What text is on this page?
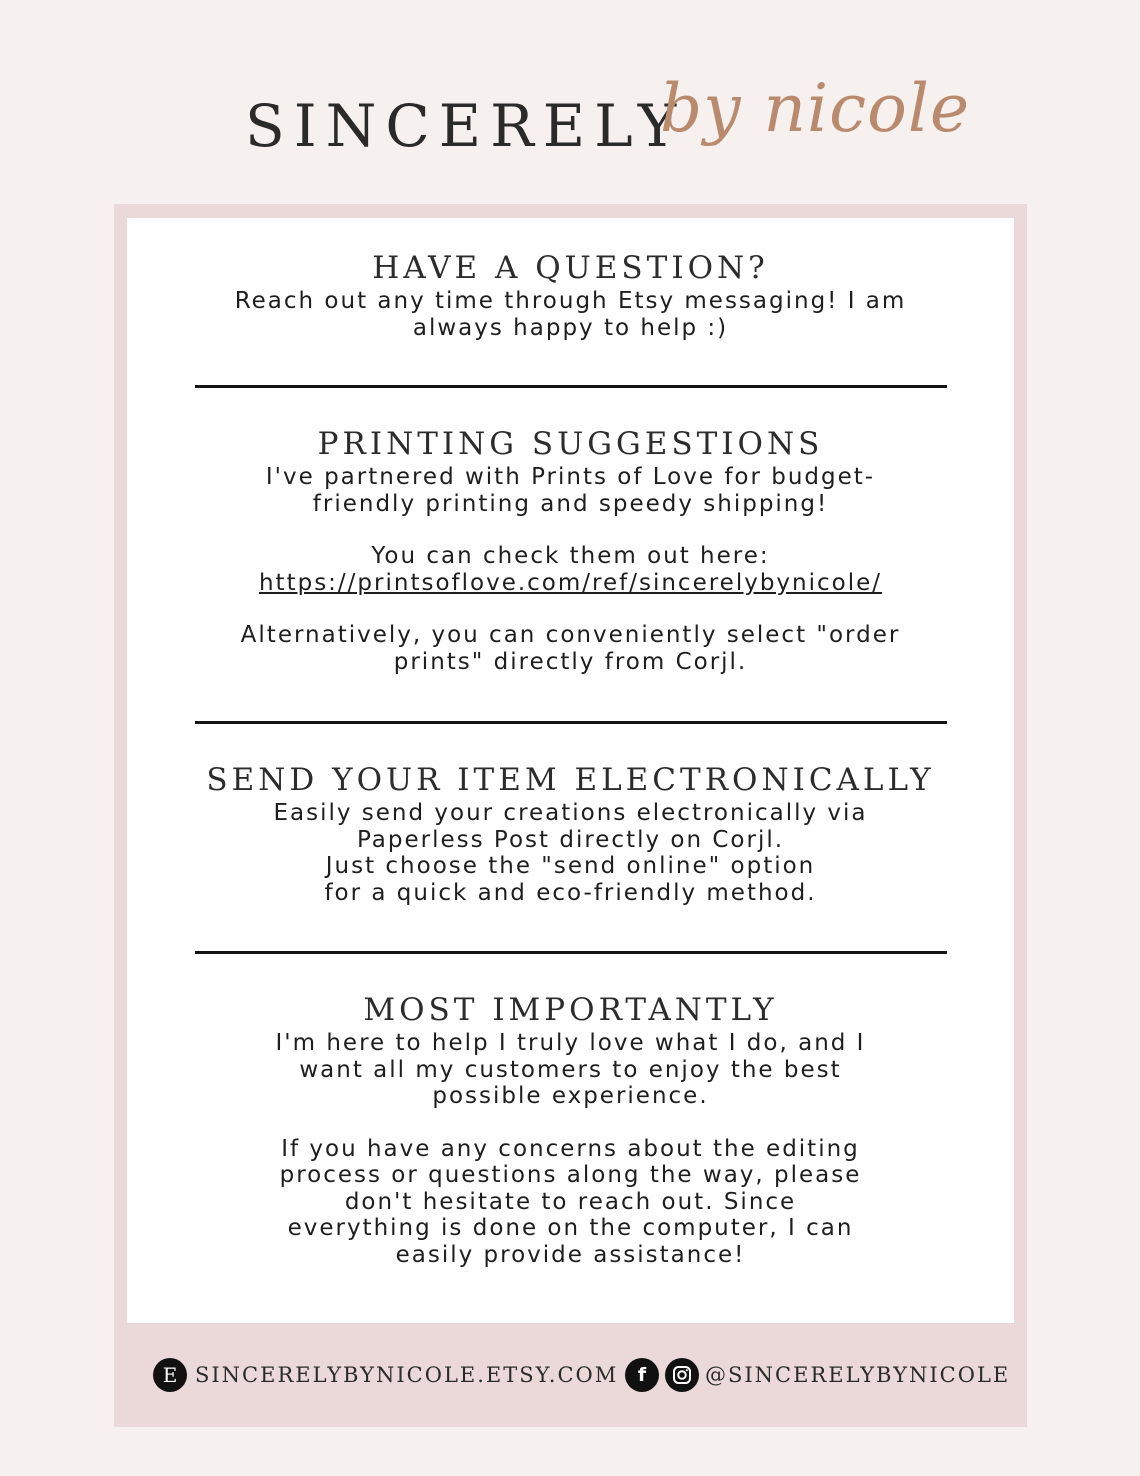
SINCERELY
by nicole
HAVE A QUESTION?
Reach out any time through Etsy messaging! I am
always happy to help :)
PRINTING SUGGESTIONS
I've partnered with Prints of Love for budget-
friendly printing and speedy shipping!
You can check them out here:
https://printsoflove.com/ref/sincerelybynicole/
Alternatively, you can conveniently select "order
prints" directly from Corjl.
SEND YOUR ITEM ELECTRONICALLY
Easily send your creations electronically via
Paperless Post directly on Corjl.
Just choose the "send online" option
for a quick and eco-friendly method.
MOST IMPORTANTLY
I'm here to help I truly love what I do, and I
want all my customers to enjoy the best
possible experience.
If you have any concerns about the editing
process or questions along the way, please
don't hesitate to reach out. Since
everything is done on the computer, I can
easily provide assistance!
E SINCERELYBYNICOLE.ETSY.COM	f	@SINCERELYBYNICOLE
